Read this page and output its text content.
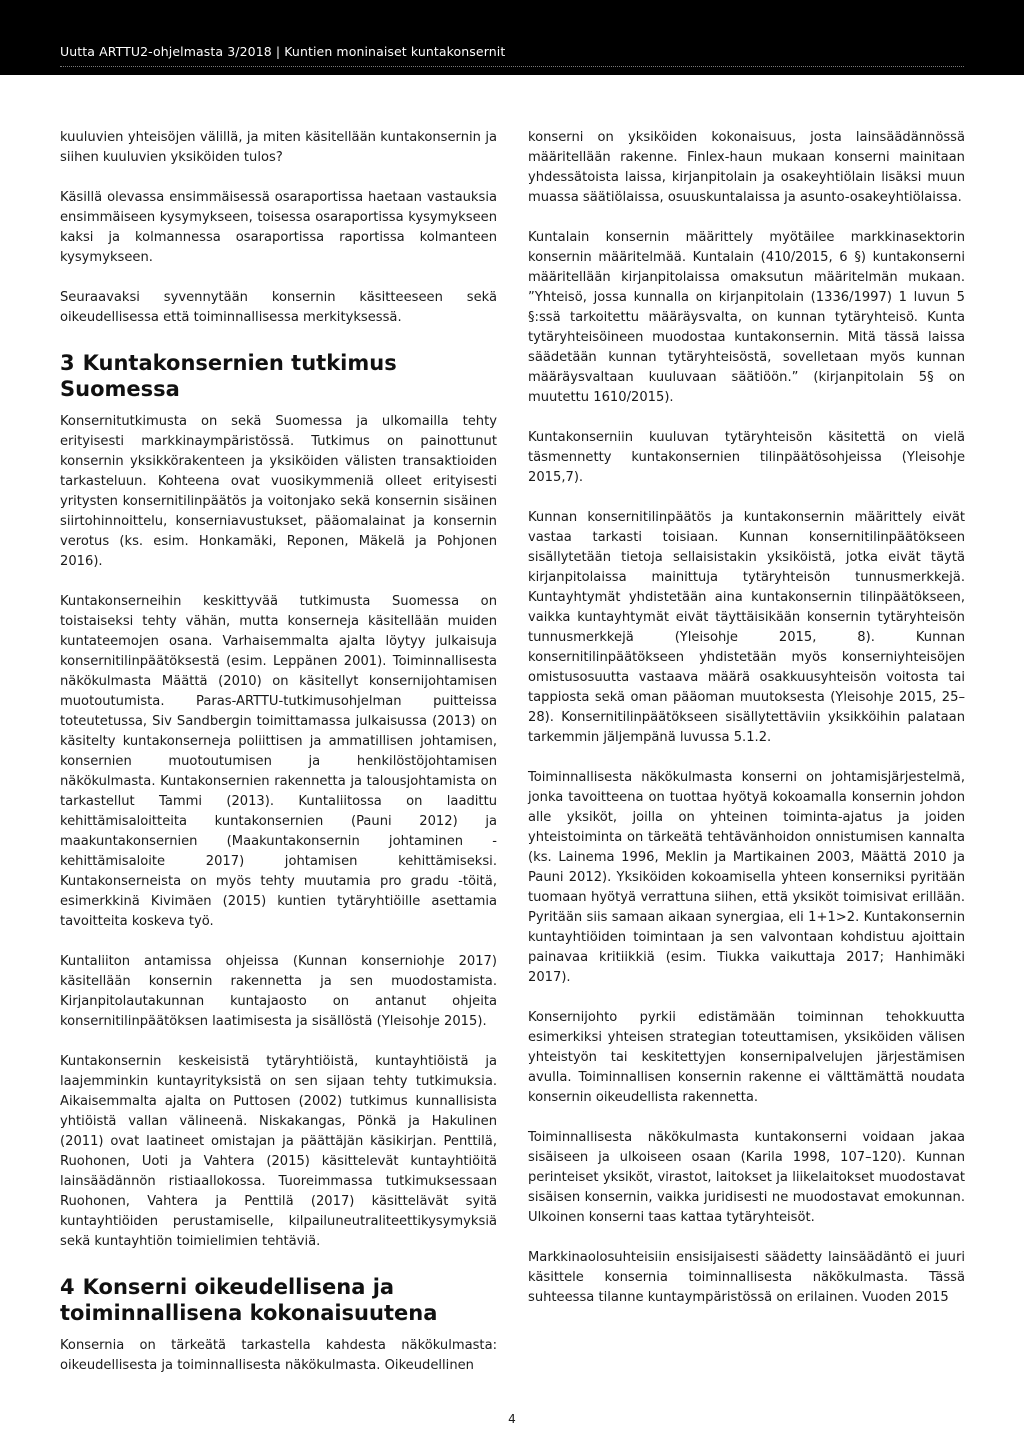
Uutta ARTTU2-ohjelmasta 3/2018 | Kuntien moninaiset kuntakonsernit

kuuluvien yhteisöjen välillä, ja miten käsitellään kuntakonsernin ja siihen kuuluvien yksiköiden tulos?

Käsillä olevassa ensimmäisessä osaraportissa haetaan vastauksia ensimmäiseen kysymykseen, toisessa osaraportissa kysymykseen kaksi ja kolmannessa osaraportissa raportissa kolmanteen kysymykseen.

Seuraavaksi syvennytään konsernin käsitteeseen sekä oikeudellisessa että toiminnallisessa merkityksessä.

3 Kuntakonsernien tutkimus Suomessa

Konsernitutkimusta on sekä Suomessa ja ulkomailla tehty erityisesti markkinaympäristössä. Tutkimus on painottunut konsernin yksikkörakenteen ja yksiköiden välisten transaktioiden tarkasteluun. Kohteena ovat vuosikymmeniä olleet erityisesti yritysten konsernitilinpäätös ja voitonjako sekä konsernin sisäinen siirtohinnoittelu, konserniavustukset, pääomalainat ja konsernin verotus (ks. esim. Honkamäki, Reponen, Mäkelä ja Pohjonen 2016).

Kuntakonserneihin keskittyvää tutkimusta Suomessa on toistaiseksi tehty vähän, mutta konserneja käsitellään muiden kuntateemojen osana. Varhaisemmalta ajalta löytyy julkaisuja konsernitilinpäätöksestä (esim. Leppänen 2001). Toiminnallisesta näkökulmasta Määttä (2010) on käsitellyt konsernijohtamisen muotoutumista. Paras-ARTTU-tutkimusohjelman puitteissa toteutetussa, Siv Sandbergin toimittamassa julkaisussa (2013) on käsitelty kuntakonserneja poliittisen ja ammatillisen johtamisen, konsernien muotoutumisen ja henkilöstöjohtamisen näkökulmasta. Kuntakonsernien rakennetta ja talousjohtamista on tarkastellut Tammi (2013). Kuntaliitossa on laadittu kehittämisaloitteita kuntakonsernien (Pauni 2012) ja maakuntakonsernien (Maakuntakonsernin johtaminen -kehittämisaloite 2017) johtamisen kehittämiseksi. Kuntakonserneista on myös tehty muutamia pro gradu -töitä, esimerkkinä Kivimäen (2015) kuntien tytäryhtiöille asettamia tavoitteita koskeva työ.

Kuntaliiton antamissa ohjeissa (Kunnan konserniohje 2017) käsitellään konsernin rakennetta ja sen muodostamista. Kirjanpitolautakunnan kuntajaosto on antanut ohjeita konsernitilinpäätöksen laatimisesta ja sisällöstä (Yleisohje 2015).

Kuntakonsernin keskeisistä tytäryhtiöistä, kuntayhtiöistä ja laajemminkin kuntayrityksistä on sen sijaan tehty tutkimuksia. Aikaisemmalta ajalta on Puttosen (2002) tutkimus kunnallisista yhtiöistä vallan välineenä. Niskakangas, Pönkä ja Hakulinen (2011) ovat laatineet omistajan ja päättäjän käsikirjan. Penttilä, Ruohonen, Uoti ja Vahtera (2015) käsittelevät kuntayhtiöitä lainsäädännön ristiaallokossa. Tuoreimmassa tutkimuksessaan Ruohonen, Vahtera ja Penttilä (2017) käsittelävät syitä kuntayhtiöiden perustamiselle, kilpailuneutraliteettikysymyksiä sekä kuntayhtiön toimielimien tehtäviä.

4 Konserni oikeudellisena ja toiminnallisena kokonaisuutena

Konsernia on tärkeätä tarkastella kahdesta näkökulmasta: oikeudellisesta ja toiminnallisesta näkökulmasta. Oikeudellinen

konserni on yksiköiden kokonaisuus, josta lainsäädännössä määritellään rakenne. Finlex-haun mukaan konserni mainitaan yhdessätoista laissa, kirjanpitolain ja osakeyhtiölain lisäksi muun muassa säätiölaissa, osuuskuntalaissa ja asunto-osakeyhtiölaissa.

Kuntalain konsernin määrittely myötäilee markkinasektorin konsernin määritelmää. Kuntalain (410/2015, 6 §) kuntakonserni määritellään kirjanpitolaissa omaksutun määritelmän mukaan. ”Yhteisö, jossa kunnalla on kirjanpitolain (1336/1997) 1 luvun 5 §:ssä tarkoitettu määräysvalta, on kunnan tytäryhteisö. Kunta tytäryhteisöineen muodostaa kuntakonsernin. Mitä tässä laissa säädetään kunnan tytäryhteisöstä, sovelletaan myös kunnan määräysvaltaan kuuluvaan säätiöön.” (kirjanpitolain 5§ on muutettu 1610/2015).

Kuntakonserniin kuuluvan tytäryhteisön käsitettä on vielä täsmennetty kuntakonsernien tilinpäätösohjeissa (Yleisohje 2015,7).

Kunnan konsernitilinpäätös ja kuntakonsernin määrittely eivät vastaa tarkasti toisiaan. Kunnan konsernitilinpäätökseen sisällytetään tietoja sellaisistakin yksiköistä, jotka eivät täytä kirjanpitolaissa mainittuja tytäryhteisön tunnusmerkkejä. Kuntayhtymät yhdistetään aina kuntakonsernin tilinpäätökseen, vaikka kuntayhtymät eivät täyttäisikään konsernin tytäryhteisön tunnusmerkkejä (Yleisohje 2015, 8). Kunnan konsernitilinpäätökseen yhdistetään myös konserniyhteisöjen omistusosuutta vastaava määrä osakkuusyhteisön voitosta tai tappiosta sekä oman pääoman muutoksesta (Yleisohje 2015, 25–28). Konsernitilinpäätökseen sisällytettäviin yksikköihin palataan tarkemmin jäljempänä luvussa 5.1.2.

Toiminnallisesta näkökulmasta konserni on johtamisjärjestelmä, jonka tavoitteena on tuottaa hyötyä kokoamalla konsernin johdon alle yksiköt, joilla on yhteinen toiminta-ajatus ja joiden yhteistoiminta on tärkeätä tehtävänhoidon onnistumisen kannalta (ks. Lainema 1996, Meklin ja Martikainen 2003, Määttä 2010 ja Pauni 2012). Yksiköiden kokoamisella yhteen konserniksi pyritään tuomaan hyötyä verrattuna siihen, että yksiköt toimisivat erillään. Pyritään siis samaan aikaan synergiaa, eli 1+1>2. Kuntakonsernin kuntayhtiöiden toimintaan ja sen valvontaan kohdistuu ajoittain painavaa kritiikkiä (esim. Tiukka vaikuttaja 2017; Hanhimäki 2017).

Konsernijohto pyrkii edistämään toiminnan tehokkuutta esimerkiksi yhteisen strategian toteuttamisen, yksiköiden välisen yhteistyön tai keskitettyjen konsernipalvelujen järjestämisen avulla. Toiminnallisen konsernin rakenne ei välttämättä noudata konsernin oikeudellista rakennetta.

Toiminnallisesta näkökulmasta kuntakonserni voidaan jakaa sisäiseen ja ulkoiseen osaan (Karila 1998, 107–120). Kunnan perinteiset yksiköt, virastot, laitokset ja liikelaitokset muodostavat sisäisen konsernin, vaikka juridisesti ne muodostavat emokunnan. Ulkoinen konserni taas kattaa tytäryhteisöt.

Markkinaolosuhteisiin ensisijaisesti säädetty lainsäädäntö ei juuri käsittele konsernia toiminnallisesta näkökulmasta. Tässä suhteessa tilanne kuntaympäristössä on erilainen. Vuoden 2015

4
